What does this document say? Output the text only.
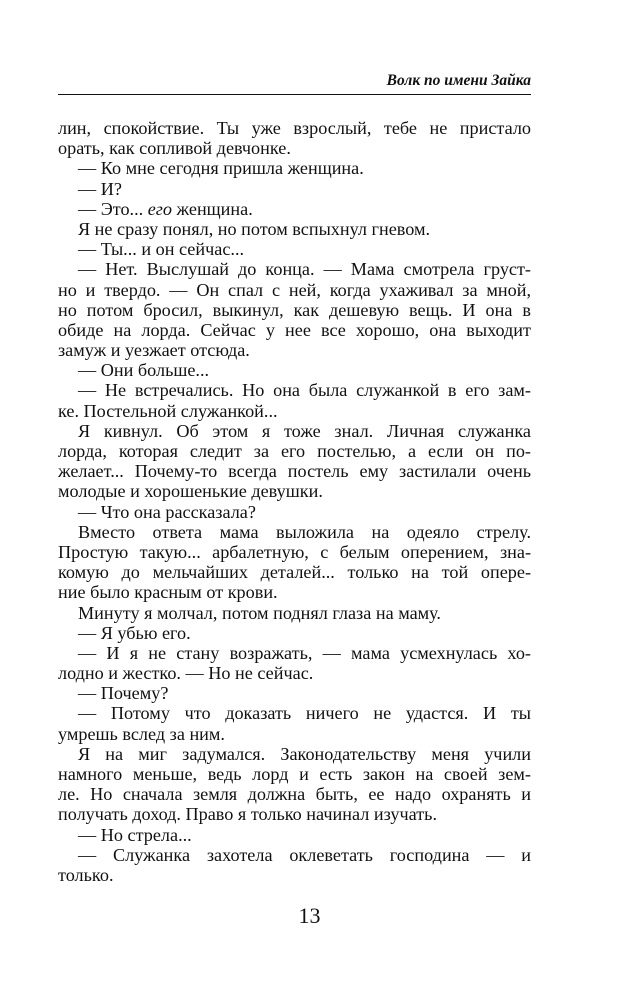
Волк по имени Зайка
лин, спокойствие. Ты уже взрослый, тебе не пристало
орать, как сопливой девчонке.
— Ко мне сегодня пришла женщина.
— И?
— Это... его женщина.
Я не сразу понял, но потом вспыхнул гневом.
— Ты... и он сейчас...
— Нет. Выслушай до конца. — Мама смотрела груст-
но и твердо. — Он спал с ней, когда ухаживал за мной,
но потом бросил, выкинул, как дешевую вещь. И она в
обиде на лорда. Сейчас у нее все хорошо, она выходит
замуж и уезжает отсюда.
— Они больше...
— Не встречались. Но она была служанкой в его зам-
ке. Постельной служанкой...
Я кивнул. Об этом я тоже знал. Личная служанка
лорда, которая следит за его постелью, а если он по-
желает... Почему-то всегда постель ему застилали очень
молодые и хорошенькие девушки.
— Что она рассказала?
Вместо ответа мама выложила на одеяло стрелу.
Простую такую... арбалетную, с белым оперением, зна-
комую до мельчайших деталей... только на той опере-
ние было красным от крови.
Минуту я молчал, потом поднял глаза на маму.
— Я убью его.
— И я не стану возражать, — мама усмехнулась хо-
лодно и жестко. — Но не сейчас.
— Почему?
— Потому что доказать ничего не удастся. И ты
умрешь вслед за ним.
Я на миг задумался. Законодательству меня учили
намного меньше, ведь лорд и есть закон на своей зем-
ле. Но сначала земля должна быть, ее надо охранять и
получать доход. Право я только начинал изучать.
— Но стрела...
— Служанка захотела оклеветать господина — и
только.
13
